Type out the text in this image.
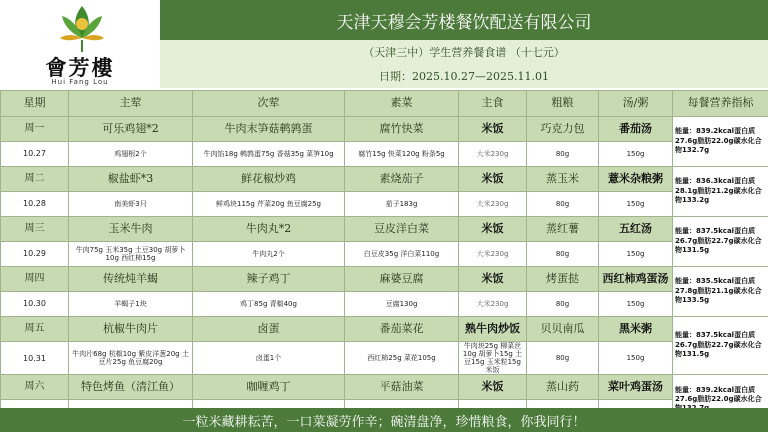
會芳樓
Hui Fang Lou
天津天穆会芳楼餐饮配送有限公司
（天津三中）学生营养餐食谱 （十七元）
日期：2025.10.27—2025.11.01
星期	主荤	次荤	素菜	主食	粗粮	汤/粥	每餐营养指标
周一	可乐鸡翅*2	牛肉末笋菇鹌鹑蛋	腐竹快菜	米饭	巧克力包	番茄汤	能量：839.2kcal蛋白质27.6g脂肪22.0g碳水化合物132.7g
10.27	鸡翅根2个	牛肉馅18g 鹌鹑蛋75g 香菇35g 菜笋10g	腐竹15g 快菜120g 粉条5g	大米230g	80g	150g	
周二	椒盐虾*3	鲜花椒炒鸡	素烧茄子	米饭	蒸玉米	薏米杂粮粥	能量：836.3kcal蛋白质28.1g脂肪21.2g碳水化合物133.2g
10.28	南美虾3只	鲜鸡块115g 芹菜20g 鱼豆腐25g	茄子183g	大米230g	80g	150g	
周三	玉米牛肉	牛肉丸*2	豆皮洋白菜	米饭	蒸红薯	五红汤	能量：837.5kcal蛋白质26.7g脂肪22.7g碳水化合物131.5g
10.29	牛肉75g 玉米35g 土豆30g 胡萝卜10g 西红柿15g	牛肉丸2个	白豆皮35g 洋白菜110g	大米230g	80g	150g	
周四	传统炖羊蝎	辣子鸡丁	麻婆豆腐	米饭	烤蛋挞	西红柿鸡蛋汤	能量：835.5kcal蛋白质27.8g脂肪21.1g碳水化合物133.5g
10.30	羊蝎子1块	鸡丁85g 青椒40g	豆腐130g	大米230g	80g	150g	
周五	杭椒牛肉片	卤蛋	番茄菜花	熟牛肉炒饭	贝贝南瓜	黑米粥	能量：837.5kcal蛋白质26.7g脂肪22.7g碳水化合物131.5g
10.31	牛肉片68g 杭椒10g 紫皮洋葱20g 土豆片25g 鱼豆腐20g	卤蛋1个	西红柿25g 菜花105g	牛肉块25g 柳菜丝10g 胡萝卜15g 土豆15g 玉米粒15g 米饭	80g	150g	
周六	特色烤鱼（清江鱼）	咖喱鸡丁	平菇油菜	米饭	蒸山药	菜叶鸡蛋汤	能量：839.2kcal蛋白质27.6g脂肪22.0g碳水化合

一粒米藏耕耘苦，一口菜凝劳作辛；碗清盘净，珍惜粮食，你我同行！
